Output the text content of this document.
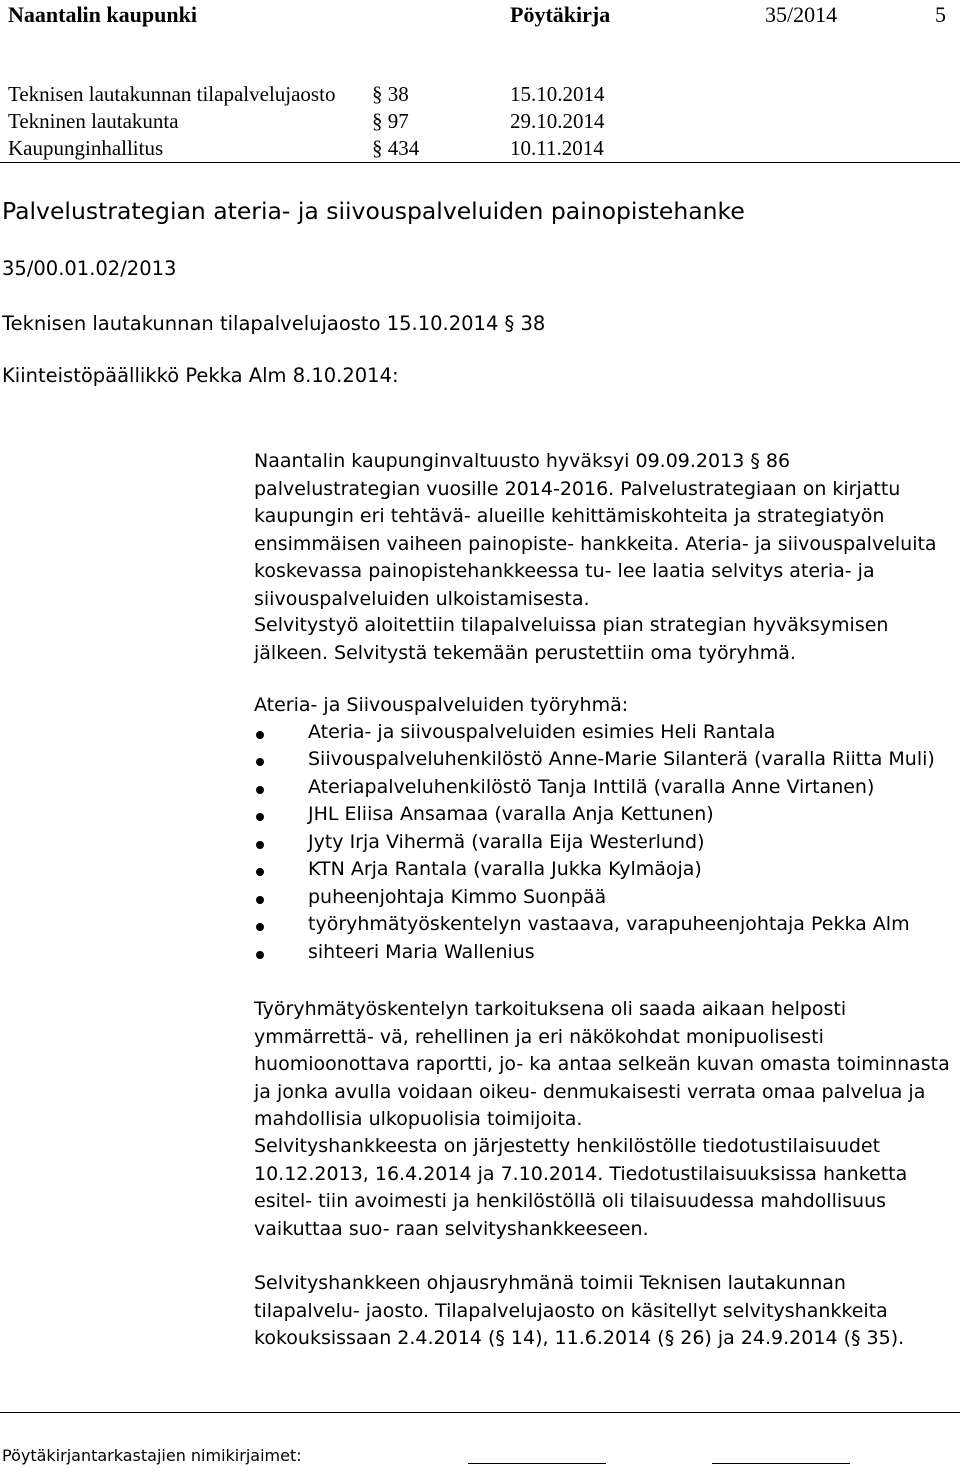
Naantalin kaupunki	Pöytäkirja	35/2014	5
Teknisen lautakunnan tilapalvelujaosto § 38	15.10.2014
Tekninen lautakunta	§ 97	29.10.2014
Kaupunginhallitus	§ 434	10.11.2014
Palvelustrategian ateria- ja siivouspalveluiden painopistehanke
35/00.01.02/2013
Teknisen lautakunnan tilapalvelujaosto 15.10.2014 § 38
Kiinteistöpäällikkö Pekka Alm 8.10.2014:

Naantalin kaupunginvaltuusto hyväksyi 09.09.2013 § 86 palvelustrategian vuosille 2014-2016. Palvelustrategiaan on kirjattu kaupungin eri tehtävä- alueille kehittämiskohteita ja strategiatyön ensimmäisen vaiheen painopiste- hankkeita. Ateria- ja siivouspalveluita koskevassa painopistehankkeessa tu- lee laatia selvitys ateria- ja siivouspalveluiden ulkoistamisesta.

Selvitystyö aloitettiin tilapalveluissa pian strategian hyväksymisen jälkeen. Selvitystä tekemään perustettiin oma työryhmä.

Ateria- ja Siivouspalveluiden työryhmä:
Ateria- ja siivouspalveluiden esimies Heli Rantala
Siivouspalveluhenkilöstö Anne-Marie Silanterä (varalla Riitta Muli)
Ateriapalveluhenkilöstö Tanja Inttilä (varalla Anne Virtanen)
JHL Eliisa Ansamaa (varalla Anja Kettunen)
Jyty Irja Vihermä (varalla Eija Westerlund)
KTN Arja Rantala (varalla Jukka Kylmäoja)
puheenjohtaja Kimmo Suonpää
työryhmätyöskentelyn vastaava, varapuheenjohtaja Pekka Alm
sihteeri Maria Wallenius

Työryhmätyöskentelyn tarkoituksena oli saada aikaan helposti ymmärrettä- vä, rehellinen ja eri näkökohdat monipuolisesti huomioonottava raportti, jo- ka antaa selkeän kuvan omasta toiminnasta ja jonka avulla voidaan oikeu- denmukaisesti verrata omaa palvelua ja mahdollisia ulkopuolisia toimijoita.

Selvityshankkeesta on järjestetty henkilöstölle tiedotustilaisuudet 10.12.2013, 16.4.2014 ja 7.10.2014. Tiedotustilaisuuksissa hanketta esitel- tiin avoimesti ja henkilöstöllä oli tilaisuudessa mahdollisuus vaikuttaa suo- raan selvityshankkeeseen.

Selvityshankkeen ohjausryhmänä toimii Teknisen lautakunnan tilapalvelu- jaosto. Tilapalvelujaosto on käsitellyt selvityshankkeita kokouksissaan 2.4.2014 (§ 14), 11.6.2014 (§ 26) ja 24.9.2014 (§ 35).

Pöytäkirjantarkastajien nimikirjaimet:
